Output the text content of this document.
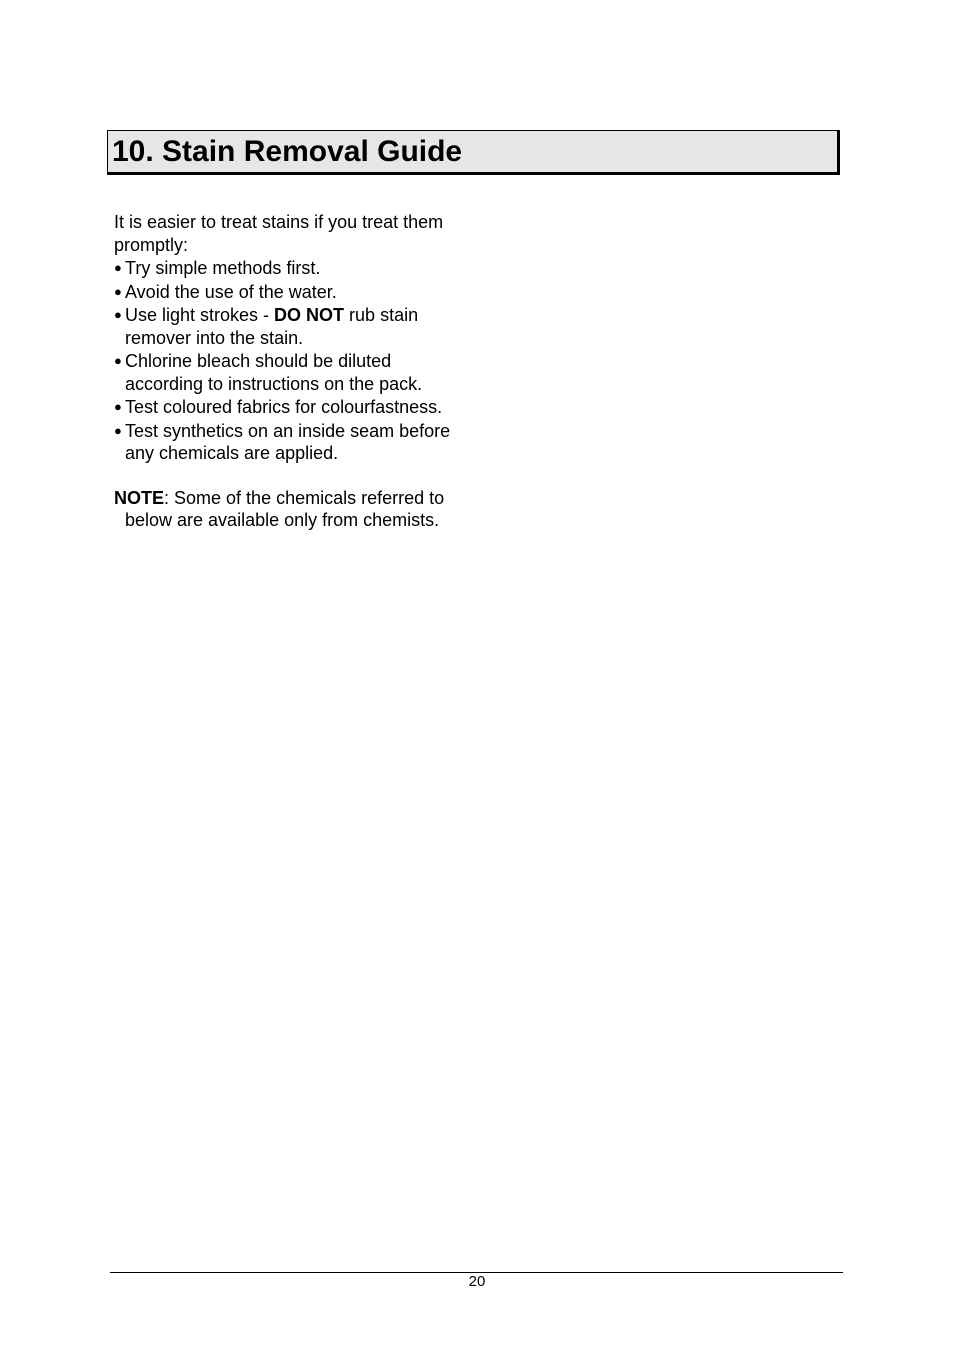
10. Stain Removal Guide

It is easier to treat stains if you treat them promptly:

● Try simple methods first.
● Avoid the use of the water.
● Use light strokes - DO NOT rub stain remover into the stain.
● Chlorine bleach should be diluted according to instructions on the pack.
● Test coloured fabrics for colourfastness.
● Test synthetics on an inside seam before any chemicals are applied.

NOTE: Some of the chemicals referred to below are available only from chemists.

20
